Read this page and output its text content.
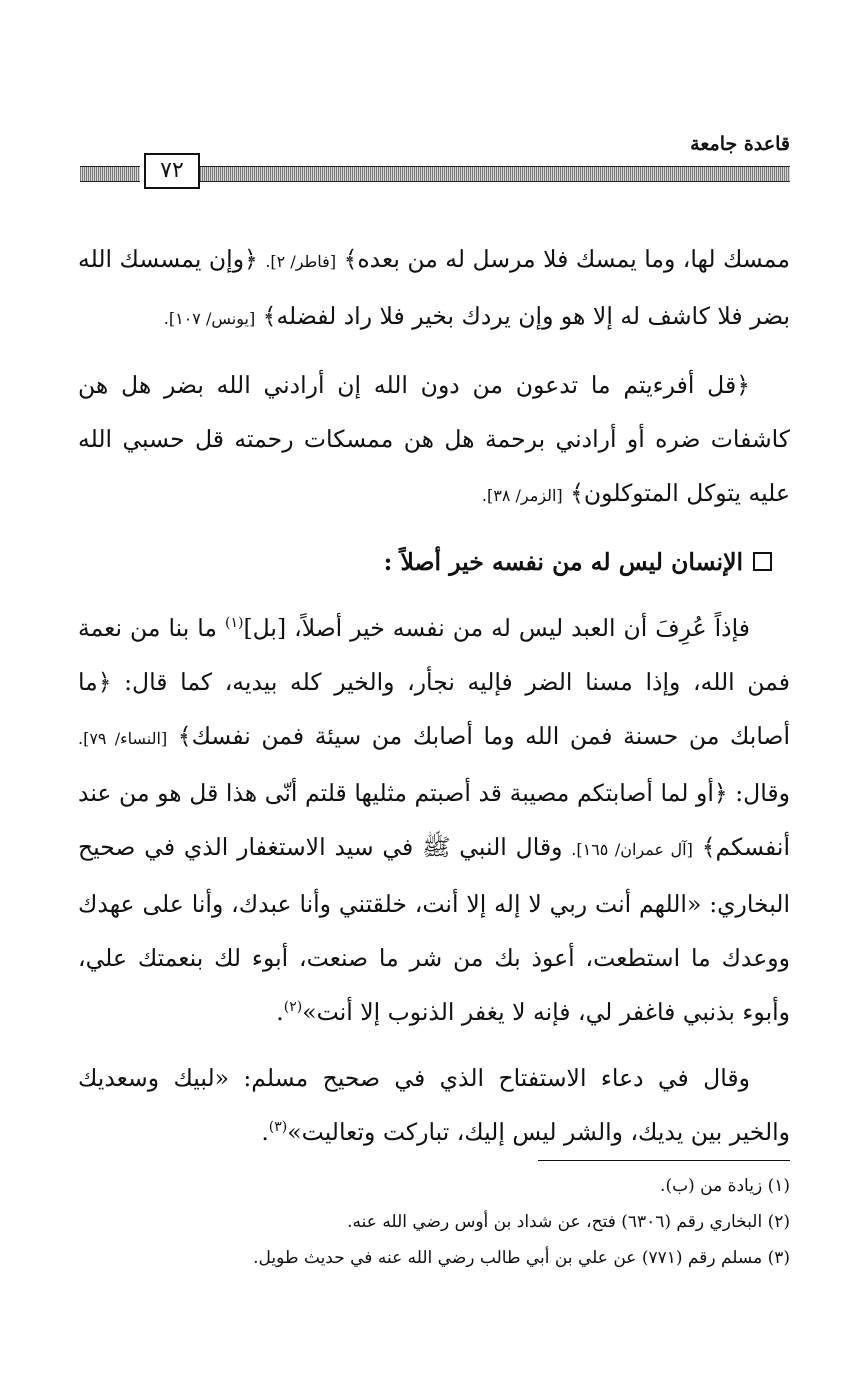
قاعدة جامعة
٧٢

ممسك لها، وما يمسك فلا مرسل له من بعده﴾ [فاطر/ ٢]. ﴿وإن يمسسك الله بضر فلا كاشف له إلا هو وإن يردك بخير فلا راد لفضله﴾ [يونس/ ١٠٧].

﴿قل أفرءيتم ما تدعون من دون الله إن أرادني الله بضر هل هن كاشفات ضره أو أرادني برحمة هل هن ممسكات رحمته قل حسبي الله عليه يتوكل المتوكلون﴾ [الزمر/ ٣٨].

الإنسان ليس له من نفسه خير أصلاً :

فإذاً عُرِفَ أن العبد ليس له من نفسه خير أصلاً، [بل]$^{(١)}$ ما بنا من نعمة فمن الله، وإذا مسنا الضر فإليه نجأر، والخير كله بيديه، كما قال: ﴿ما أصابك من حسنة فمن الله وما أصابك من سيئة فمن نفسك﴾ [النساء/ ٧٩]. وقال: ﴿أو لما أصابتكم مصيبة قد أصبتم مثليها قلتم أنّى هذا قل هو من عند أنفسكم﴾ [آل عمران/ ١٦٥]. وقال النبي ﷺ في سيد الاستغفار الذي في صحيح البخاري: «اللهم أنت ربي لا إله إلا أنت، خلقتني وأنا عبدك، وأنا على عهدك ووعدك ما استطعت، أعوذ بك من شر ما صنعت، أبوء لك بنعمتك علي، وأبوء بذنبي فاغفر لي، فإنه لا يغفر الذنوب إلا أنت»$^{(٢)}$.

وقال في دعاء الاستفتاح الذي في صحيح مسلم: «لبيك وسعديك والخير بين يديك، والشر ليس إليك، تباركت وتعاليت»$^{(٣)}$.

(١) زيادة من (ب).
(٢) البخاري رقم (٦٣٠٦) فتح، عن شداد بن أوس رضي الله عنه.
(٣) مسلم رقم (٧٧١) عن علي بن أبي طالب رضي الله عنه في حديث طويل.
